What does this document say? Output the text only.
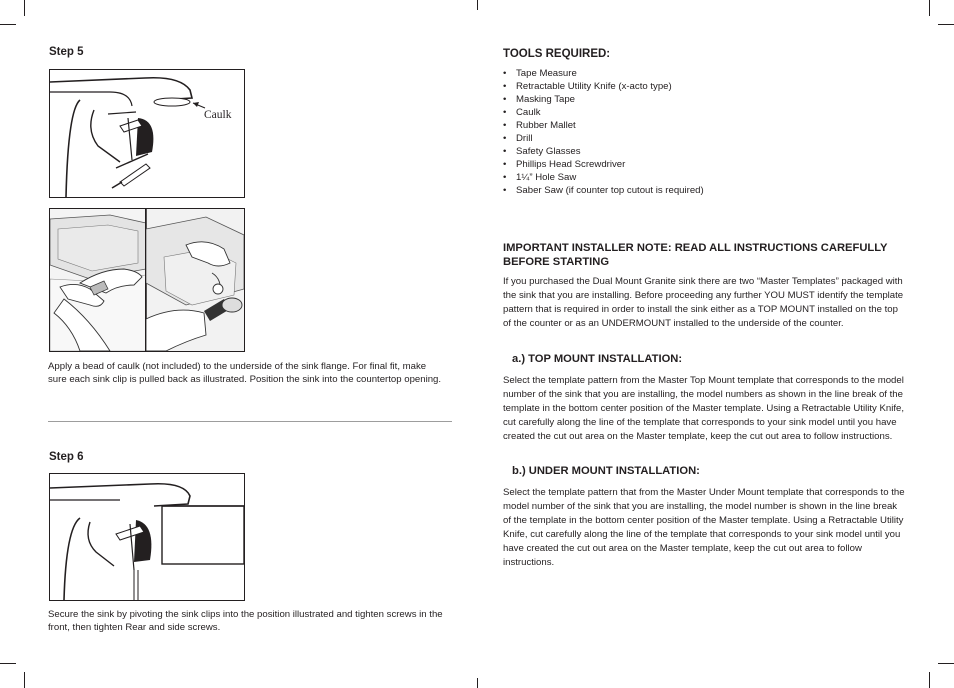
Step 5
Caulk

Apply a bead of caulk (not included) to the underside of the sink flange. For final fit, make sure each sink clip is pulled back as illustrated. Position the sink into the countertop opening.

Step 6

Secure the sink by pivoting the sink clips into the position illustrated and tighten screws in the front, then tighten Rear and side screws.

TOOLS REQUIRED:
• Tape Measure
• Retractable Utility Knife (x-acto type)
• Masking Tape
• Caulk
• Rubber Mallet
• Drill
• Safety Glasses
• Phillips Head Screwdriver
• 1¼” Hole Saw
• Saber Saw (if counter top cutout is required)

IMPORTANT INSTALLER NOTE: READ ALL INSTRUCTIONS CAREFULLY BEFORE STARTING

If you purchased the Dual Mount Granite sink there are two “Master Templates” packaged with the sink that you are installing. Before proceeding any further YOU MUST identify the template pattern that is required in order to install the sink either as a TOP MOUNT installed on the top of the counter or as an UNDERMOUNT installed to the underside of the counter.

a.) TOP MOUNT INSTALLATION:

Select the template pattern from the Master Top Mount template that corresponds to the model number of the sink that you are installing, the model numbers as shown in the line break of the template in the bottom center position of the Master template. Using a Retractable Utility Knife, cut carefully along the line of the template that corresponds to your sink model until you have created the cut out area on the Master template, keep the cut out area to follow instructions.

b.) UNDER MOUNT INSTALLATION:

Select the template pattern that from the Master Under Mount template that corresponds to the model number of the sink that you are installing, the model number is shown in the line break of the template in the bottom center position of the Master template. Using a Retractable Utility Knife, cut carefully along the line of the template that corresponds to your sink model until you have created the cut out area on the Master template, keep the cut out area to follow instructions.
